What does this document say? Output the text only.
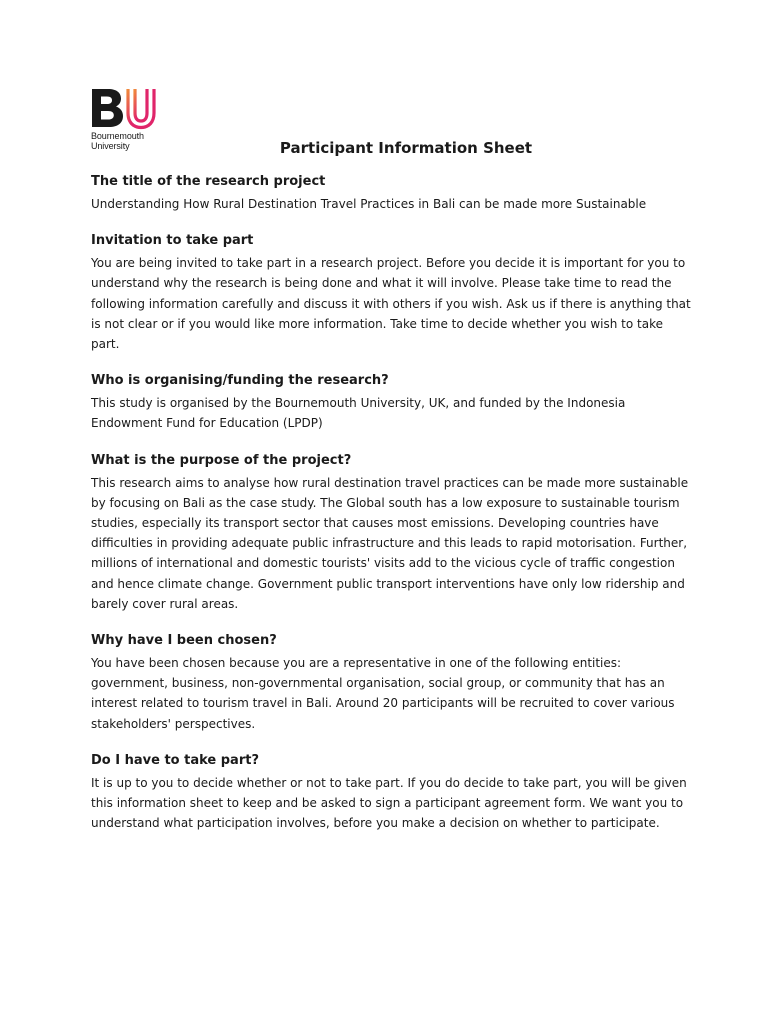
Bournemouth
University	Participant Information Sheet
The title of the research project

Understanding How Rural Destination Travel Practices in Bali can be made more Sustainable

Invitation to take part

You are being invited to take part in a research project. Before you decide it is important for you to understand why the research is being done and what it will involve. Please take time to read the following information carefully and discuss it with others if you wish. Ask us if there is anything that is not clear or if you would like more information. Take time to decide whether you wish to take part.

Who is organising/funding the research?

This study is organised by the Bournemouth University, UK, and funded by the Indonesia Endowment Fund for Education (LPDP)

What is the purpose of the project?

This research aims to analyse how rural destination travel practices can be made more sustainable by focusing on Bali as the case study. The Global south has a low exposure to sustainable tourism studies, especially its transport sector that causes most emissions. Developing countries have difficulties in providing adequate public infrastructure and this leads to rapid motorisation. Further, millions of international and domestic tourists' visits add to the vicious cycle of traffic congestion and hence climate change. Government public transport interventions have only low ridership and barely cover rural areas.

Why have I been chosen?

You have been chosen because you are a representative in one of the following entities: government, business, non-governmental organisation, social group, or community that has an interest related to tourism travel in Bali. Around 20 participants will be recruited to cover various stakeholders' perspectives.

Do I have to take part?

It is up to you to decide whether or not to take part. If you do decide to take part, you will be given this information sheet to keep and be asked to sign a participant agreement form. We want you to understand what participation involves, before you make a decision on whether to participate.
